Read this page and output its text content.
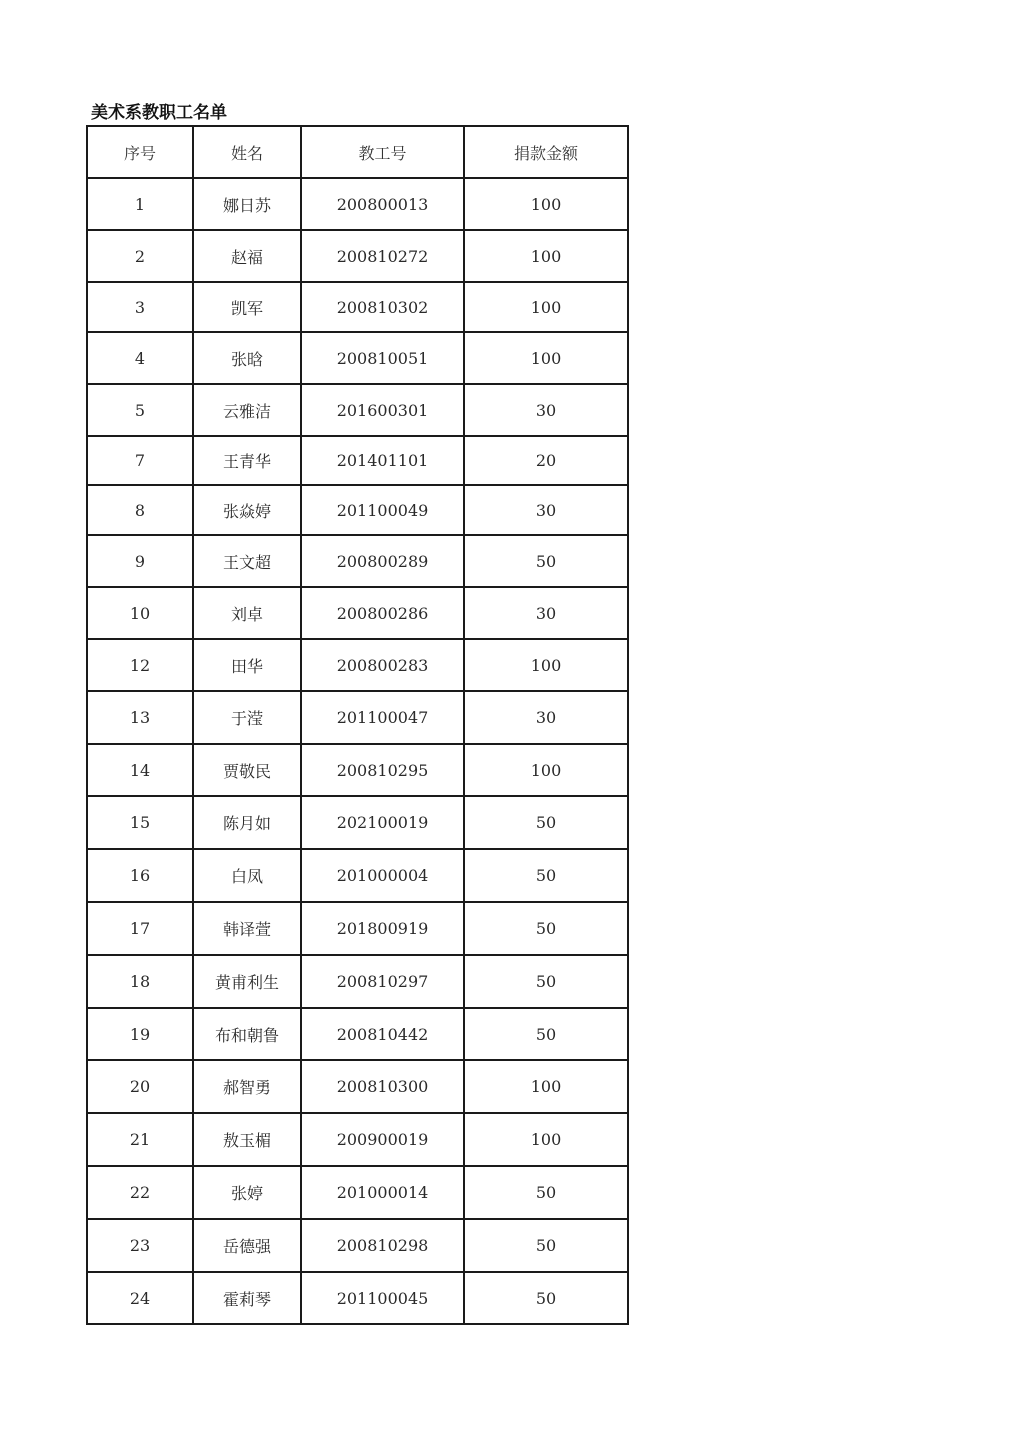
美术系教职工名单
序号	姓名	教工号	捐款金额
1	娜日苏	200800013	100
2	赵福	200810272	100
3	凯军	200810302	100
4	张晗	200810051	100
5	云雅洁	201600301	30
7	王青华	201401101	20
8	张焱婷	201100049	30
9	王文超	200800289	50
10	刘卓	200800286	30
12	田华	200800283	100
13	于滢	201100047	30
14	贾敬民	200810295	100
15	陈月如	202100019	50
16	白凤	201000004	50
17	韩译萱	201800919	50
18	黄甫利生	200810297	50
19	布和朝鲁	200810442	50
20	郝智勇	200810300	100
21	敖玉楣	200900019	100
22	张婷	201000014	50
23	岳德强	200810298	50
24	霍莉琴	201100045	50
